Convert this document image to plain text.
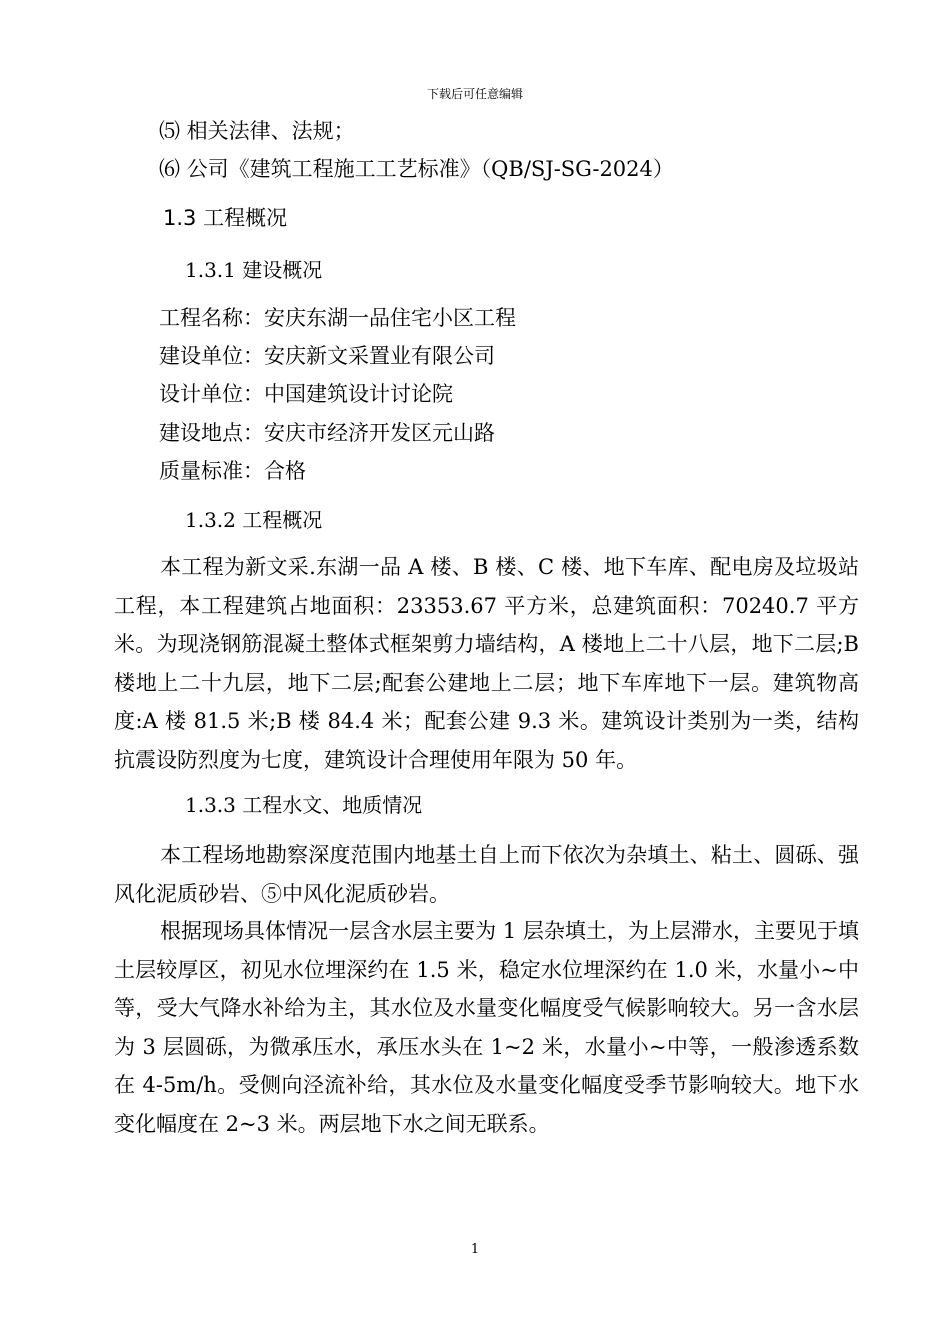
下载后可任意编辑
⑸ 相关法律、法规；
⑹ 公司《建筑工程施工工艺标准》（QB/SJ-SG-2024）
1.3 工程概况
1.3.1 建设概况
工程名称：安庆东湖一品住宅小区工程
建设单位：安庆新文采置业有限公司
设计单位：中国建筑设计讨论院
建设地点：安庆市经济开发区元山路
质量标准：合格
1.3.2 工程概况

本工程为新文采.东湖一品 A 楼、B 楼、C 楼、地下车库、配电房及垃圾站工程，本工程建筑占地面积：23353.67 平方米，总建筑面积：70240.7 平方米。为现浇钢筋混凝土整体式框架剪力墙结构，A 楼地上二十八层，地下二层;B 楼地上二十九层，地下二层;配套公建地上二层；地下车库地下一层。建筑物高度:A 楼 81.5 米;B 楼 84.4 米；配套公建 9.3 米。建筑设计类别为一类，结构抗震设防烈度为七度，建筑设计合理使用年限为 50 年。

1.3.3 工程水文、地质情况

本工程场地勘察深度范围内地基土自上而下依次为杂填土、粘土、圆砾、强风化泥质砂岩、⑤中风化泥质砂岩。

根据现场具体情况一层含水层主要为 1 层杂填土，为上层滞水，主要见于填土层较厚区，初见水位埋深约在 1.5 米，稳定水位埋深约在 1.0 米，水量小~中等，受大气降水补给为主，其水位及水量变化幅度受气候影响较大。另一含水层为 3 层圆砾，为微承压水，承压水头在 1~2 米，水量小~中等，一般渗透系数在 4-5m/h。受侧向泾流补给，其水位及水量变化幅度受季节影响较大。地下水变化幅度在 2~3 米。两层地下水之间无联系。

1
